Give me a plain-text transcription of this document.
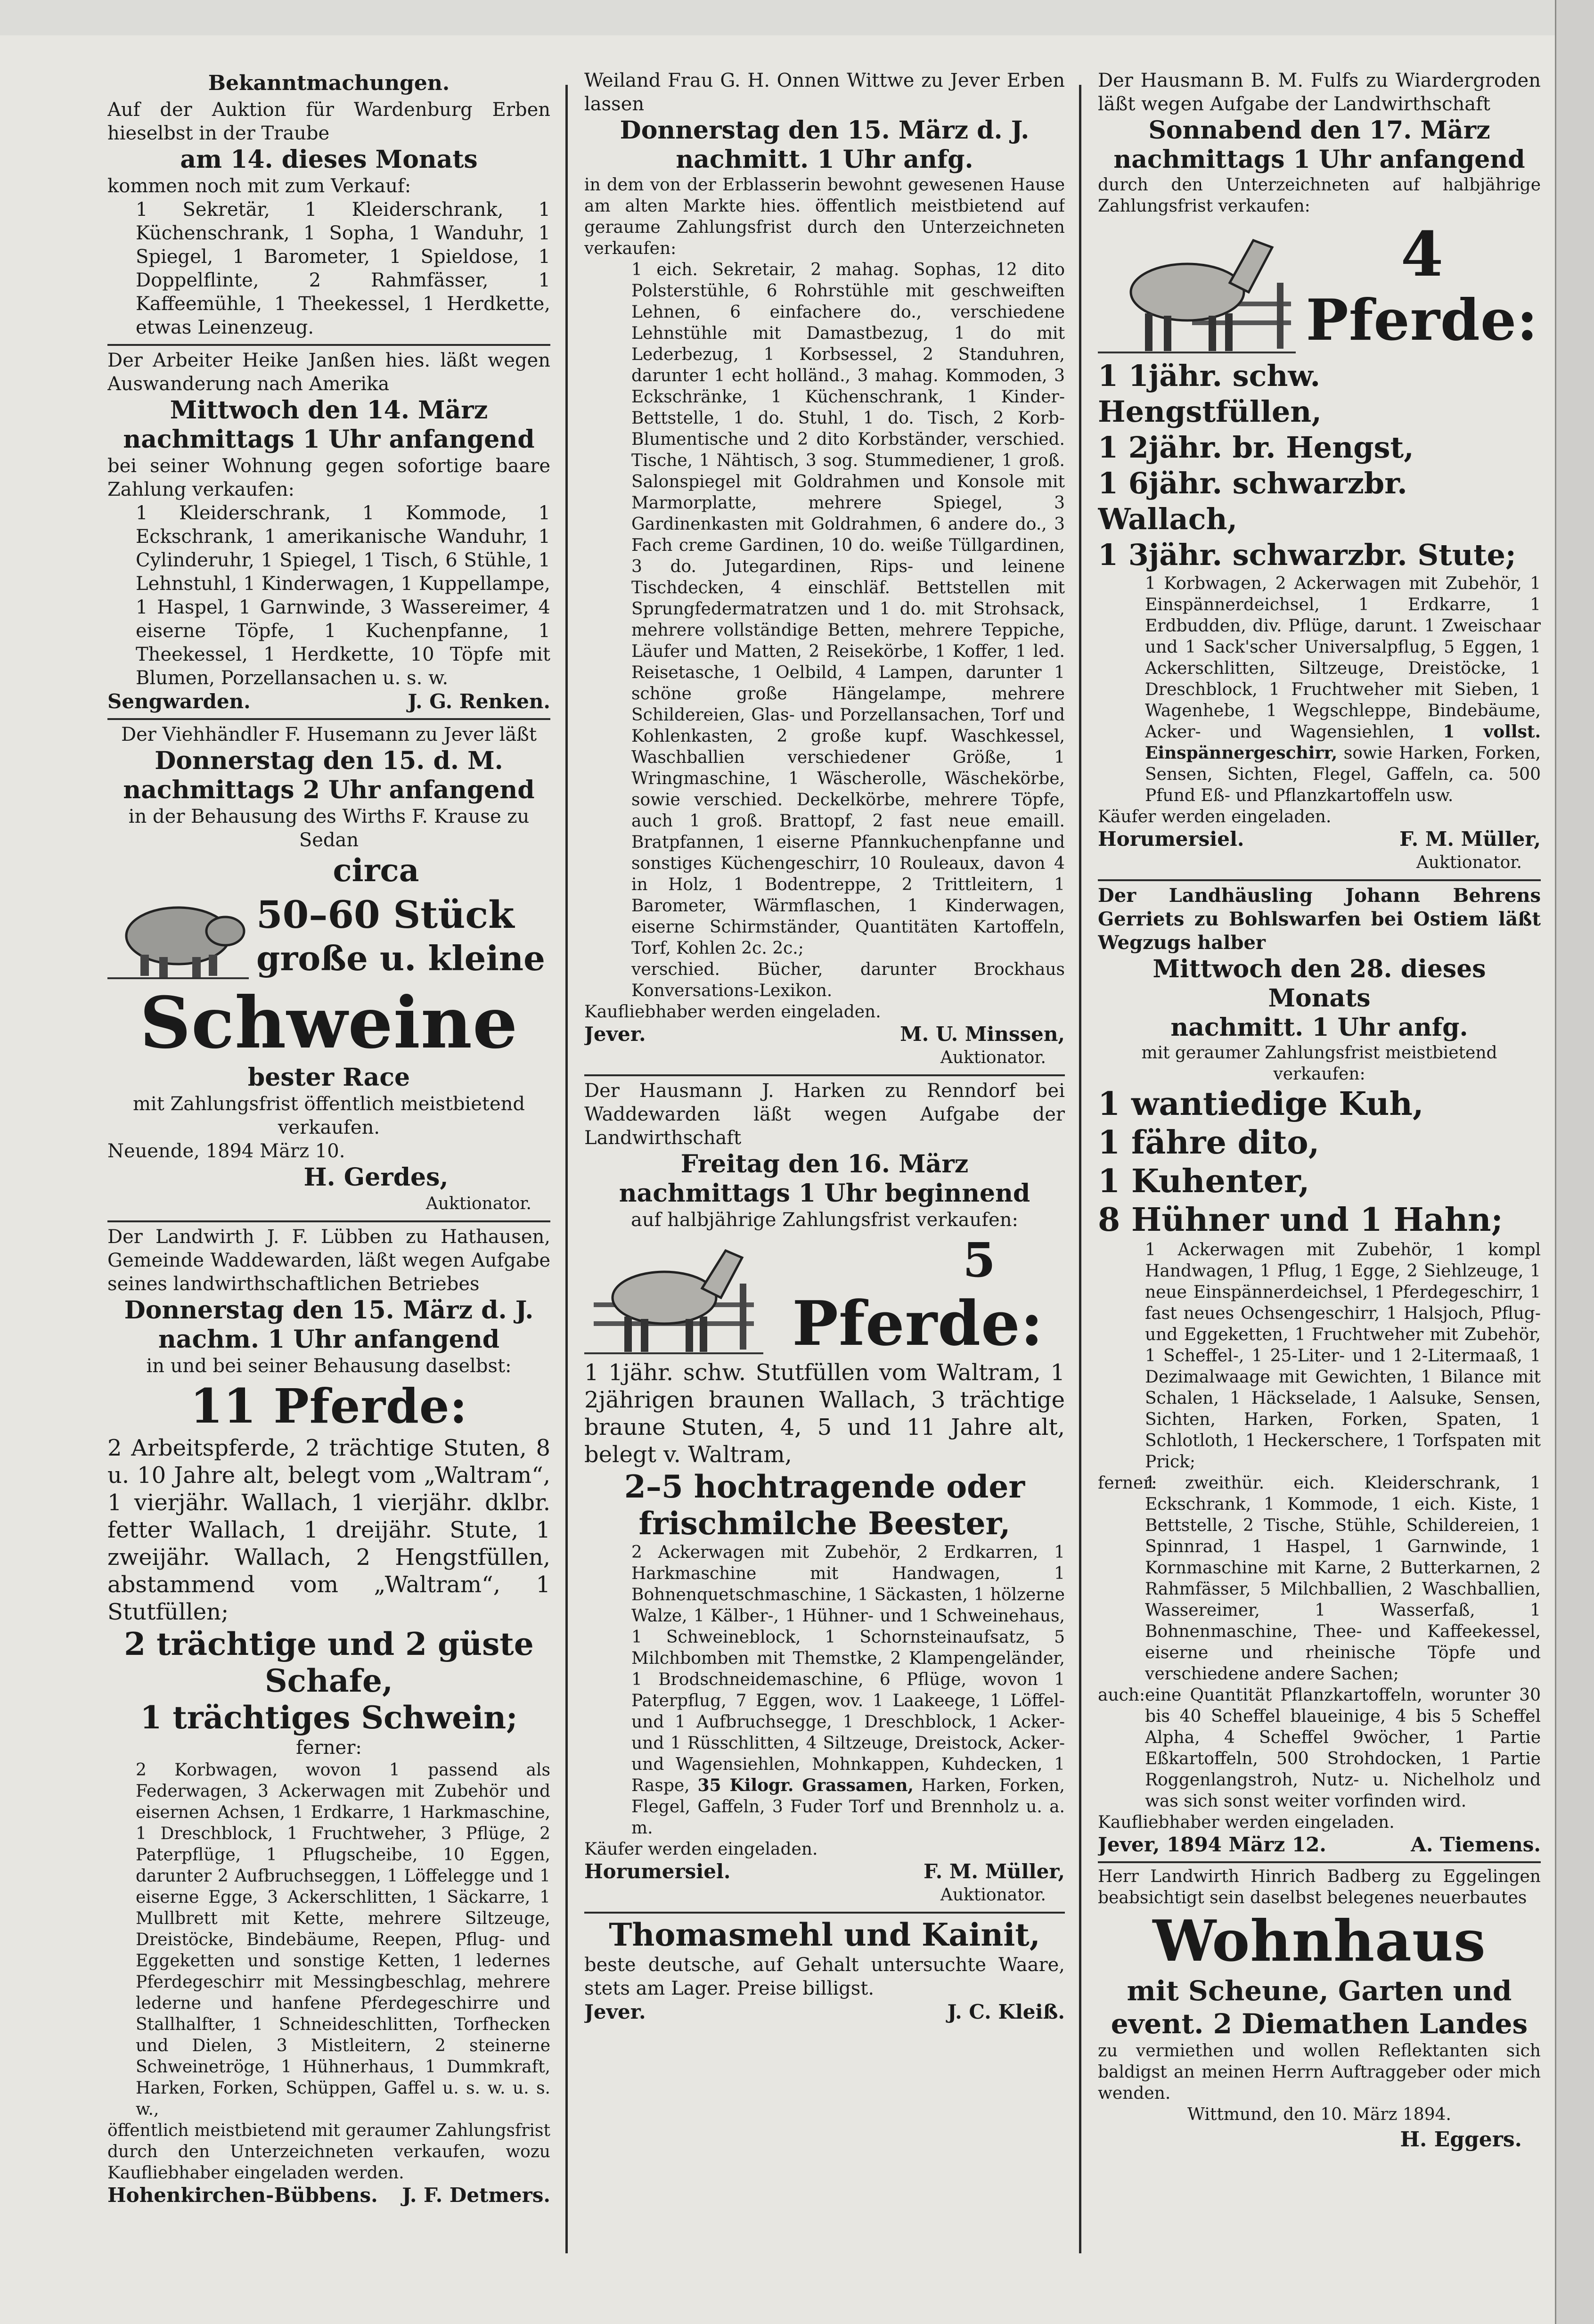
Bekanntmachungen.

Auf der Auktion für Wardenburg Erben hieselbst in der Traube

am 14. dieses Monats

kommen noch mit zum Verkauf:

1 Sekretär, 1 Kleiderschrank, 1 Küchenschrank, 1 Sopha, 1 Wanduhr, 1 Spiegel, 1 Barometer, 1 Spieldose, 1 Doppelflinte, 2 Rahmfässer, 1 Kaffeemühle, 1 Theekessel, 1 Herdkette, etwas Leinenzeug.

Der Arbeiter Heike Janßen hies. läßt wegen Auswanderung nach Amerika

Mittwoch den 14. März

nachmittags 1 Uhr anfangend

bei seiner Wohnung gegen sofortige baare Zahlung verkaufen:

1 Kleiderschrank, 1 Kommode, 1 Eckschrank, 1 amerikanische Wanduhr, 1 Cylinderuhr, 1 Spiegel, 1 Tisch, 6 Stühle, 1 Lehnstuhl, 1 Kinderwagen, 1 Kuppellampe, 1 Haspel, 1 Garnwinde, 3 Wassereimer, 4 eiserne Töpfe, 1 Kuchenpfanne, 1 Theekessel, 1 Herdkette, 10 Töpfe mit Blumen, Porzellansachen u. s. w.

Sengwarden.	J. G. Renken.

Der Viehhändler F. Husemann zu Jever läßt

Donnerstag den 15. d. M.

nachmittags 2 Uhr anfangend

in der Behausung des Wirths F. Krause zu Sedan

circa

50–60 Stück

große u. kleine

Schweine

bester Race

mit Zahlungsfrist öffentlich meistbietend verkaufen.

Neuende, 1894 März 10.

H. Gerdes,

Auktionator.

Der Landwirth J. F. Lübben zu Hathausen, Gemeinde Waddewarden, läßt wegen Aufgabe seines landwirthschaftlichen Betriebes

Donnerstag den 15. März d. J.

nachm. 1 Uhr anfangend

in und bei seiner Behausung daselbst:

11 Pferde:

2 Arbeitspferde, 2 trächtige Stuten, 8 u. 10 Jahre alt, belegt vom „Waltram“, 1 vierjähr. Wallach, 1 vierjähr. dklbr. fetter Wallach, 1 dreijähr. Stute, 1 zweijähr. Wallach, 2 Hengstfüllen, abstammend vom „Waltram“, 1 Stutfüllen;

2 trächtige und 2 güste Schafe,

1 trächtiges Schwein;

ferner:

2 Korbwagen, wovon 1 passend als Federwagen, 3 Ackerwagen mit Zubehör und eisernen Achsen, 1 Erdkarre, 1 Harkmaschine, 1 Dreschblock, 1 Fruchtweher, 3 Pflüge, 2 Paterpflüge, 1 Pflugscheibe, 10 Eggen, darunter 2 Aufbruchseggen, 1 Löffelegge und 1 eiserne Egge, 3 Ackerschlitten, 1 Säckarre, 1 Mullbrett mit Kette, mehrere Siltzeuge, Dreistöcke, Bindebäume, Reepen, Pflug- und Eggeketten und sonstige Ketten, 1 ledernes Pferdegeschirr mit Messingbeschlag, mehrere lederne und hanfene Pferdegeschirre und Stallhalfter, 1 Schneideschlitten, Torfhecken und Dielen, 3 Mistleitern, 2 steinerne Schweinetröge, 1 Hühnerhaus, 1 Dummkraft, Harken, Forken, Schüppen, Gaffel u. s. w. u. s. w.,

öffentlich meistbietend mit geraumer Zahlungsfrist durch den Unterzeichneten verkaufen, wozu Kaufliebhaber eingeladen werden.

Hohenkirchen-Bübbens. J. F. Detmers.

Weiland Frau G. H. Onnen Wittwe zu Jever Erben lassen

Donnerstag den 15. März d. J.

nachmitt. 1 Uhr anfg.

in dem von der Erblasserin bewohnt gewesenen Hause am alten Markte hies. öffentlich meistbietend auf geraume Zahlungsfrist durch den Unterzeichneten verkaufen:

1 eich. Sekretair, 2 mahag. Sophas, 12 dito Polsterstühle, 6 Rohrstühle mit geschweiften Lehnen, 6 einfachere do., verschiedene Lehnstühle mit Damastbezug, 1 do mit Lederbezug, 1 Korbsessel, 2 Standuhren, darunter 1 echt holländ., 3 mahag. Kommoden, 3 Eckschränke, 1 Küchenschrank, 1 Kinder-Bettstelle, 1 do. Stuhl, 1 do. Tisch, 2 Korb-Blumentische und 2 dito Korbständer, verschied. Tische, 1 Nähtisch, 3 sog. Stummediener, 1 groß. Salonspiegel mit Goldrahmen und Konsole mit Marmorplatte, mehrere Spiegel, 3 Gardinenkasten mit Goldrahmen, 6 andere do., 3 Fach creme Gardinen, 10 do. weiße Tüllgardinen, 3 do. Jutegardinen, Rips- und leinene Tischdecken, 4 einschläf. Bettstellen mit Sprungfedermatratzen und 1 do. mit Strohsack, mehrere vollständige Betten, mehrere Teppiche, Läufer und Matten, 2 Reisekörbe, 1 Koffer, 1 led. Reisetasche, 1 Oelbild, 4 Lampen, darunter 1 schöne große Hängelampe, mehrere Schildereien, Glas- und Porzellansachen, Torf und Kohlenkasten, 2 große kupf. Waschkessel, Waschballien verschiedener Größe, 1 Wringmaschine, 1 Wäscherolle, Wäschekörbe, sowie verschied. Deckelkörbe, mehrere Töpfe, auch 1 groß. Brattopf, 2 fast neue emaill. Bratpfannen, 1 eiserne Pfannkuchenpfanne und sonstiges Küchengeschirr, 10 Rouleaux, davon 4 in Holz, 1 Bodentreppe, 2 Trittleitern, 1 Barometer, Wärmflaschen, 1 Kinderwagen, eiserne Schirmständer, Quantitäten Kartoffeln, Torf, Kohlen 2c. 2c.;

verschied. Bücher, darunter Brockhaus Konversations-Lexikon.

Kaufliebhaber werden eingeladen.

Jever.	M. U. Minssen,

Auktionator.

Der Hausmann J. Harken zu Renndorf bei Waddewarden läßt wegen Aufgabe der Landwirthschaft

Freitag den 16. März

nachmittags 1 Uhr beginnend

auf halbjährige Zahlungsfrist verkaufen:

5

Pferde:

1 1jähr. schw. Stutfüllen vom Waltram, 1 2jährigen braunen Wallach, 3 trächtige braune Stuten, 4, 5 und 11 Jahre alt, belegt v. Waltram,

2–5 hochtragende oder frischmilche Beester,

2 Ackerwagen mit Zubehör, 2 Erdkarren, 1 Harkmaschine mit Handwagen, 1 Bohnenquetschmaschine, 1 Säckasten, 1 hölzerne Walze, 1 Kälber-, 1 Hühner- und 1 Schweinehaus, 1 Schweineblock, 1 Schornsteinaufsatz, 5 Milchbomben mit Themstke, 2 Klampengeländer, 1 Brodschneidemaschine, 6 Pflüge, wovon 1 Paterpflug, 7 Eggen, wov. 1 Laakeege, 1 Löffel- und 1 Aufbruchsegge, 1 Dreschblock, 1 Acker- und 1 Rüsschlitten, 4 Siltzeuge, Dreistock, Acker- und Wagensiehlen, Mohnkappen, Kuhdecken, 1 Raspe, 35 Kilogr. Grassamen, Harken, Forken, Flegel, Gaffeln, 3 Fuder Torf und Brennholz u. a. m.

Käufer werden eingeladen.

Horumersiel.	F. M. Müller,

Auktionator.

Thomasmehl und Kainit,

beste deutsche, auf Gehalt untersuchte Waare, stets am Lager. Preise billigst.

Jever.	J. C. Kleiß.

Der Hausmann B. M. Fulfs zu Wiardergroden läßt wegen Aufgabe der Landwirthschaft

Sonnabend den 17. März

nachmittags 1 Uhr anfangend

durch den Unterzeichneten auf halbjährige Zahlungsfrist verkaufen:

4

Pferde:

1 1jähr. schw. Hengstfüllen,

1 2jähr. br. Hengst,

1 6jähr. schwarzbr. Wallach,

1 3jähr. schwarzbr. Stute;

1 Korbwagen, 2 Ackerwagen mit Zubehör, 1 Einspännerdeichsel, 1 Erdkarre, 1 Erdbudden, div. Pflüge, darunt. 1 Zweischaar und 1 Sack'scher Universalpflug, 5 Eggen, 1 Ackerschlitten, Siltzeuge, Dreistöcke, 1 Dreschblock, 1 Fruchtweher mit Sieben, 1 Wagenhebe, 1 Wegschleppe, Bindebäume, Acker- und Wagensiehlen, 1 vollst. Einspännergeschirr, sowie Harken, Forken, Sensen, Sichten, Flegel, Gaffeln, ca. 500 Pfund Eß- und Pflanzkartoffeln usw.

Käufer werden eingeladen.

Horumersiel.	F. M. Müller,

Auktionator.

Der Landhäusling Johann Behrens Gerriets zu Bohlswarfen bei Ostiem läßt Wegzugs halber

Mittwoch den 28. dieses Monats

nachmitt. 1 Uhr anfg.

mit geraumer Zahlungsfrist meistbietend verkaufen:

1 wantiedige Kuh,

1 fähre dito,

1 Kuhenter,

8 Hühner und 1 Hahn;

1 Ackerwagen mit Zubehör, 1 kompl Handwagen, 1 Pflug, 1 Egge, 2 Siehlzeuge, 1 neue Einspännerdeichsel, 1 Pferdegeschirr, 1 fast neues Ochsengeschirr, 1 Halsjoch, Pflug- und Eggeketten, 1 Fruchtweher mit Zubehör, 1 Scheffel-, 1 25-Liter- und 1 2-Litermaaß, 1 Dezimalwaage mit Gewichten, 1 Bilance mit Schalen, 1 Häckselade, 1 Aalsuke, Sensen, Sichten, Harken, Forken, Spaten, 1 Schlotloth, 1 Heckerschere, 1 Torfspaten mit Prick;

ferner:
1 zweithür. eich. Kleiderschrank, 1 Eckschrank, 1 Kommode, 1 eich. Kiste, 1 Bettstelle, 2 Tische, Stühle, Schildereien, 1 Spinnrad, 1 Haspel, 1 Garnwinde, 1 Kornmaschine mit Karne, 2 Butterkarnen, 2 Rahmfässer, 5 Milchballien, 2 Waschballien, Wassereimer, 1 Wasserfaß, 1 Bohnenmaschine, Thee- und Kaffeekessel, eiserne und rheinische Töpfe und verschiedene andere Sachen;
auch: eine Quantität Pflanzkartoffeln, worunter 30 bis 40 Scheffel blaueinige, 4 bis 5 Scheffel Alpha, 4 Scheffel 9wöcher, 1 Partie Eßkartoffeln, 500 Strohdocken, 1 Partie Roggenlangstroh, Nutz- u. Nichelholz und was sich sonst weiter vorfinden wird.

Kaufliebhaber werden eingeladen.

Jever, 1894 März 12.	A. Tiemens.

Herr Landwirth Hinrich Badberg zu Eggelingen beabsichtigt sein daselbst belegenes neuerbautes

Wohnhaus

mit Scheune, Garten und

event. 2 Diemathen Landes

zu vermiethen und wollen Reflektanten sich baldigst an meinen Herrn Auftraggeber oder mich wenden.

Wittmund, den 10. März 1894.

H. Eggers.
